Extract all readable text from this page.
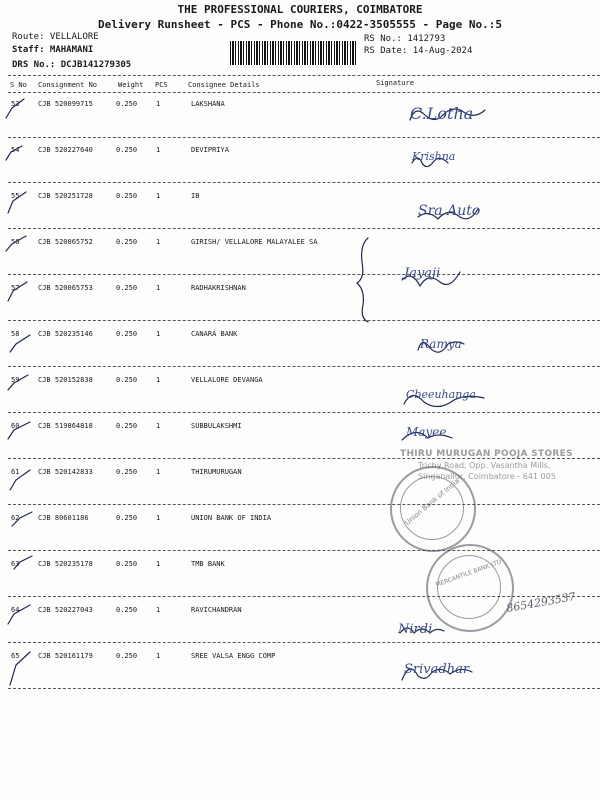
THE PROFESSIONAL COURIERS, COIMBATORE
Delivery Runsheet - PCS - Phone No.:0422-3505555 - Page No.:5
Route: VELLALORE
Staff: MAHAMANI
DRS No.: DCJB141279305
RS No.: 1412793
RS Date: 14-Aug-2024
S No Consignment No	Weight PCS	Consignee Details	Signature
53	CJB 520099715	0.250	1	LAKSHANA
54	CJB 520227640	0.250	1	DEVIPRIYA
55	CJB 520251728	0.250	1	IB
56	CJB 520065752	0.250	1	GIRISH/ VELLALORE MALAYALEE SA
57	CJB 520065753	0.250	1	RADHAKRISHNAN
58	CJB 520235146	0.250	1	CANARA BANK
59	CJB 520152838	0.250	1	VELLALORE DEVANGA
60	CJB 519864818	0.250	1	SUBBULAKSHMI
61	CJB 520142833	0.250	1	THIRUMURUGAN
62	CJB 80601186	0.250	1	UNION BANK OF INDIA
63	CJB 520235178	0.250	1	TMB BANK
64	CJB 520227043	0.250	1	RAVICHANDRAN
65	CJB 520161179	0.250	1	SREE VALSA ENGG COMP
C.Lotha
Krishna
Sra Auto
Jayaji
Ramya
Cbeeuhanga
Mayee
Nirdi
Srivadhar
THIRU MURUGAN POOJA STORES
Trichy Road, Opp. Vasantha Mills,
Singanallur, Coimbatore - 641 005
Union Bank of India
MERCANTILE BANK LTD
8654293537
